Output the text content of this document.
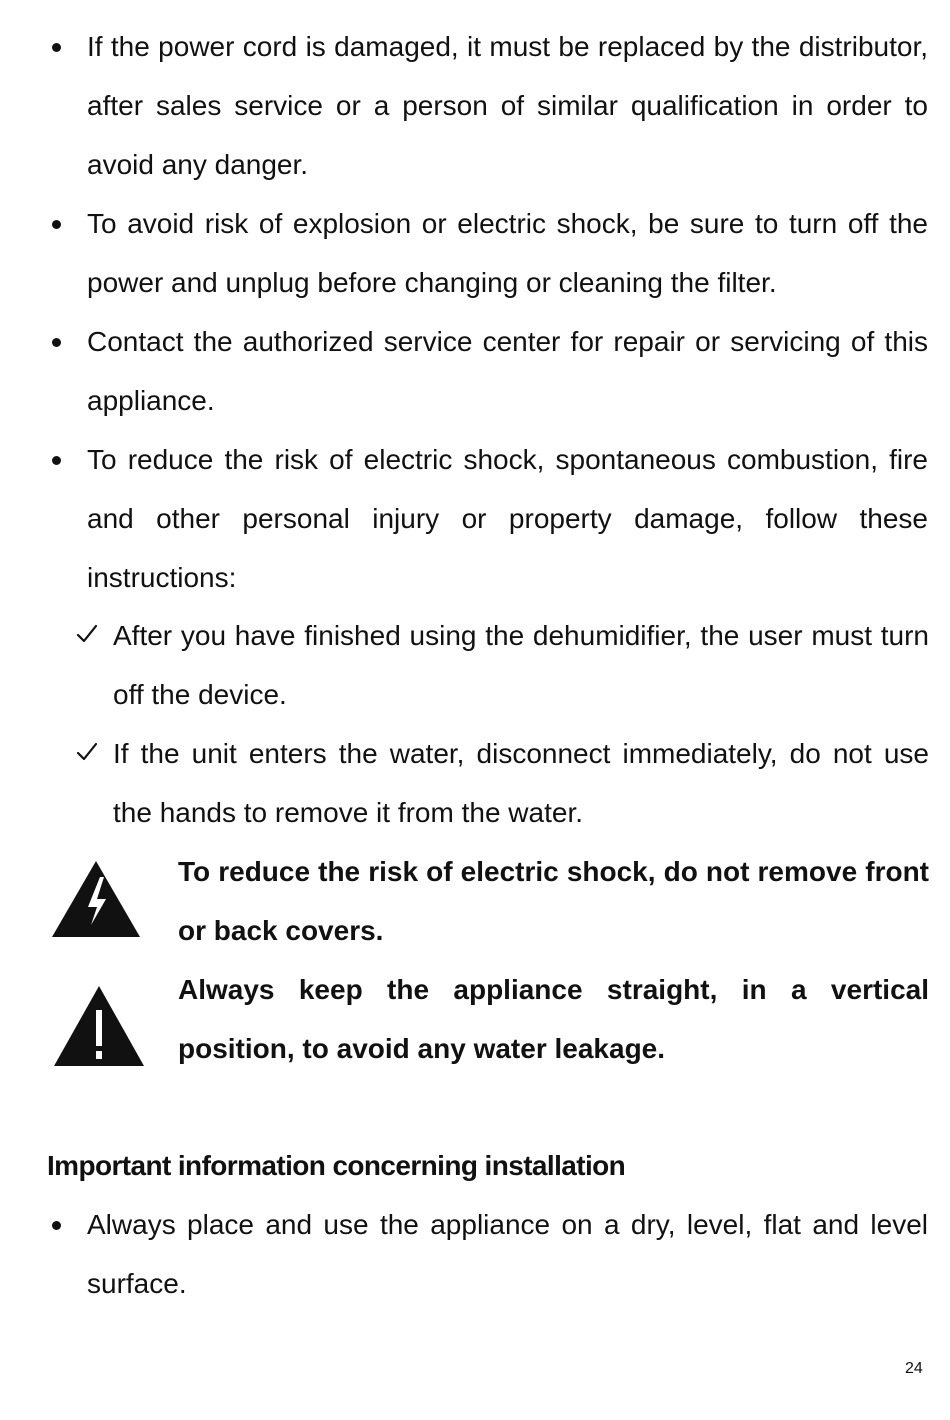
If the power cord is damaged, it must be replaced by the distributor, after sales service or a person of similar qualification in order to avoid any danger.
To avoid risk of explosion or electric shock, be sure to turn off the power and unplug before changing or cleaning the filter.
Contact the authorized service center for repair or servicing of this appliance.
To reduce the risk of electric shock, spontaneous combustion, fire and other personal injury or property damage, follow these instructions:
After you have finished using the dehumidifier, the user must turn off the device.
If the unit enters the water, disconnect immediately, do not use the hands to remove it from the water.
To reduce the risk of electric shock, do not remove front or back covers.
Always keep the appliance straight, in a vertical position, to avoid any water leakage.
Important information concerning installation
Always place and use the appliance on a dry, level, flat and level surface.
24
